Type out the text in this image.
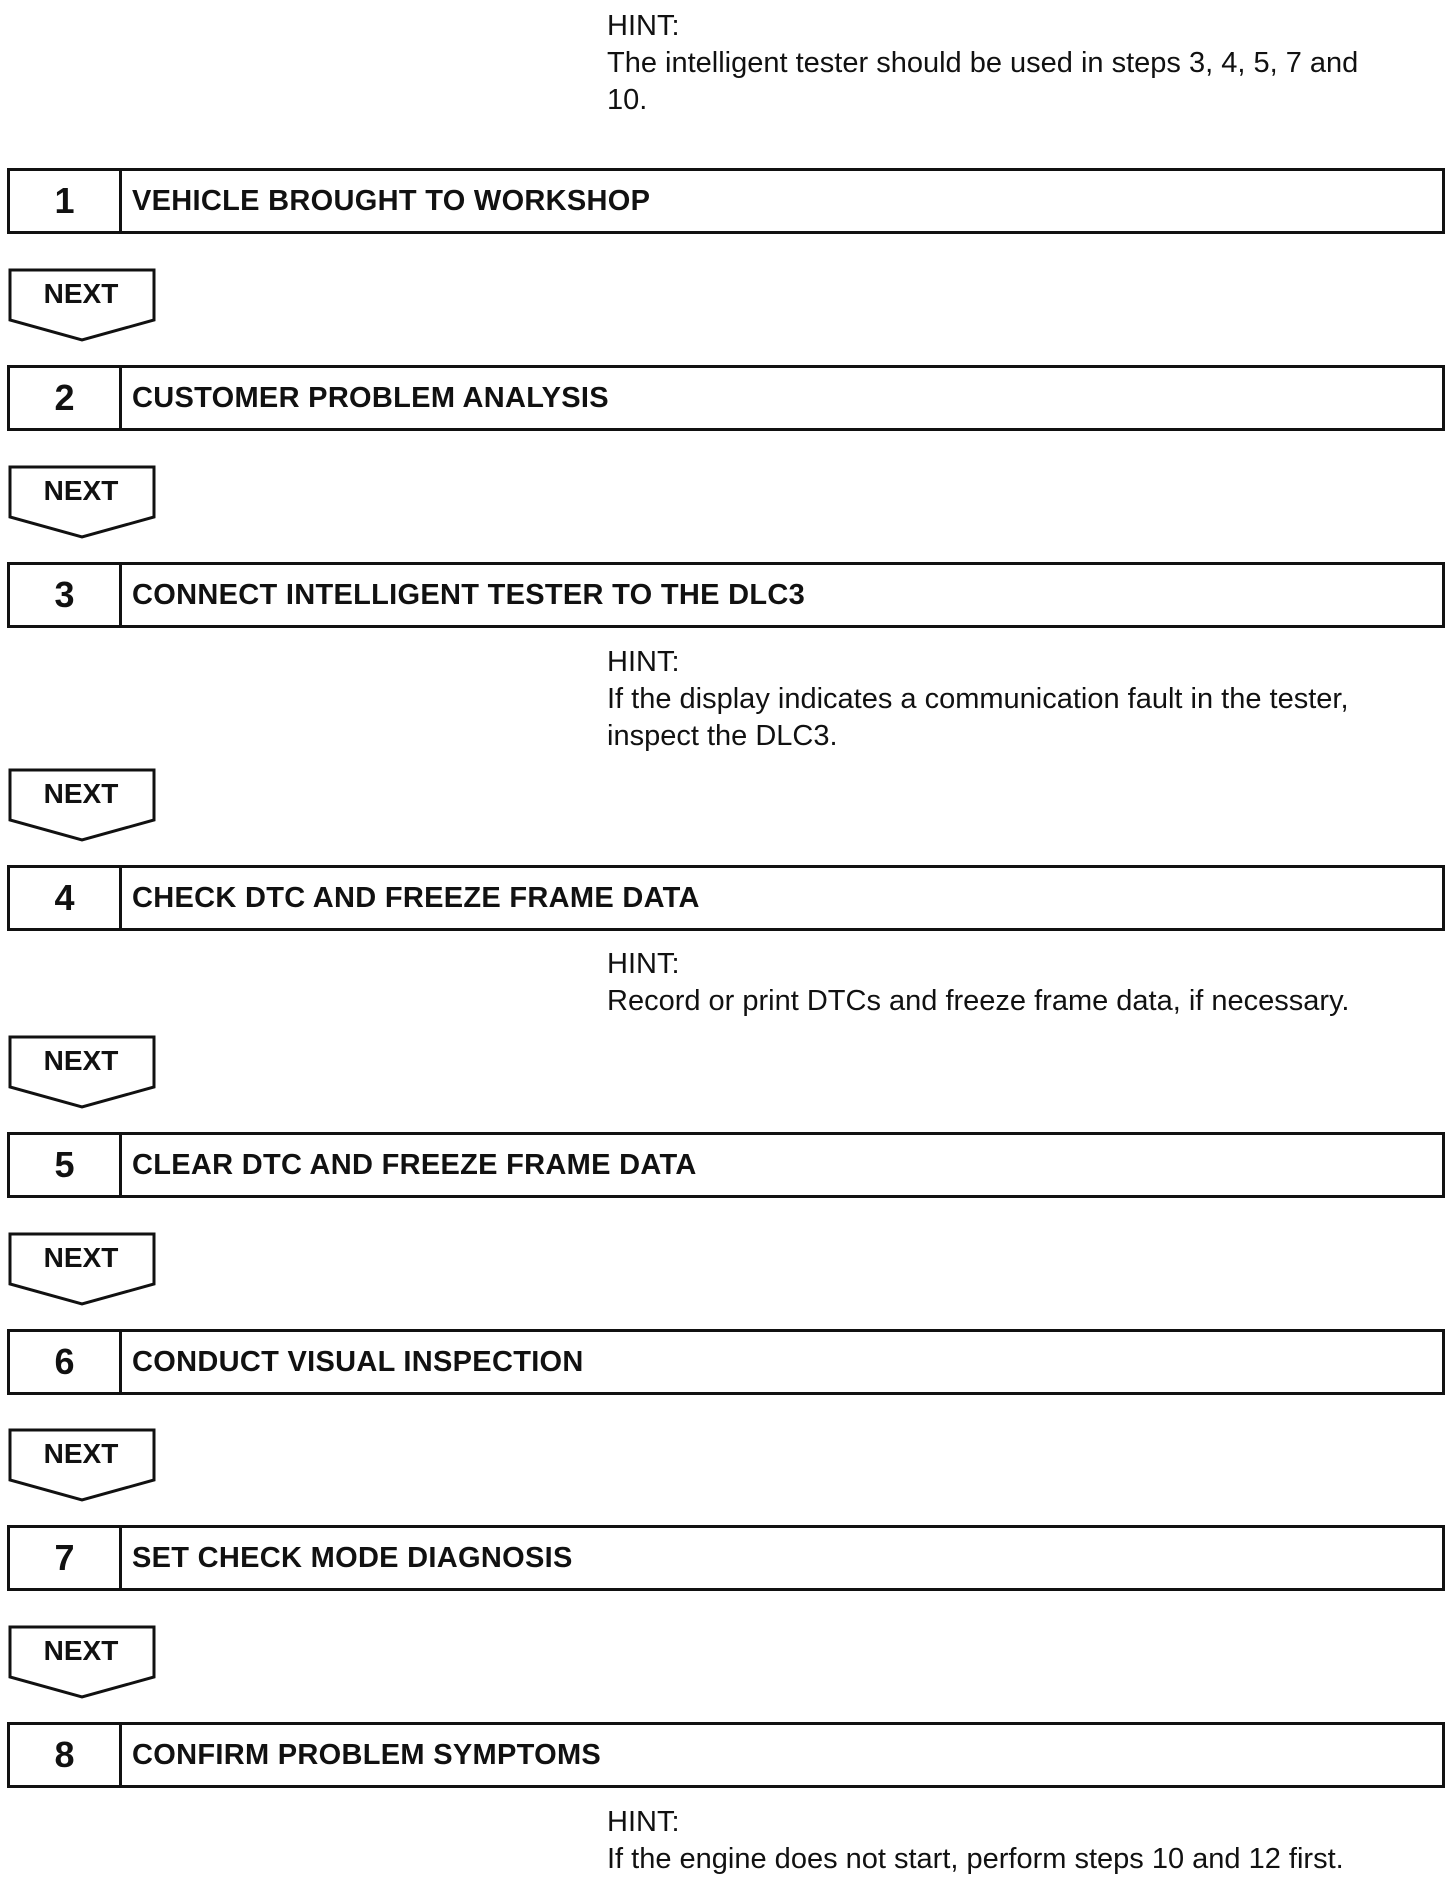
HINT:
The intelligent tester should be used in steps 3, 4, 5, 7 and
10.
1	VEHICLE BROUGHT TO WORKSHOP
NEXT
2	CUSTOMER PROBLEM ANALYSIS
NEXT
3	CONNECT INTELLIGENT TESTER TO THE DLC3
HINT:
If the display indicates a communication fault in the tester,
inspect the DLC3.
NEXT
4	CHECK DTC AND FREEZE FRAME DATA
HINT:
Record or print DTCs and freeze frame data, if necessary.
NEXT
5	CLEAR DTC AND FREEZE FRAME DATA
NEXT
6	CONDUCT VISUAL INSPECTION
NEXT
7	SET CHECK MODE DIAGNOSIS
NEXT
8	CONFIRM PROBLEM SYMPTOMS
HINT:
If the engine does not start, perform steps 10 and 12 first.
